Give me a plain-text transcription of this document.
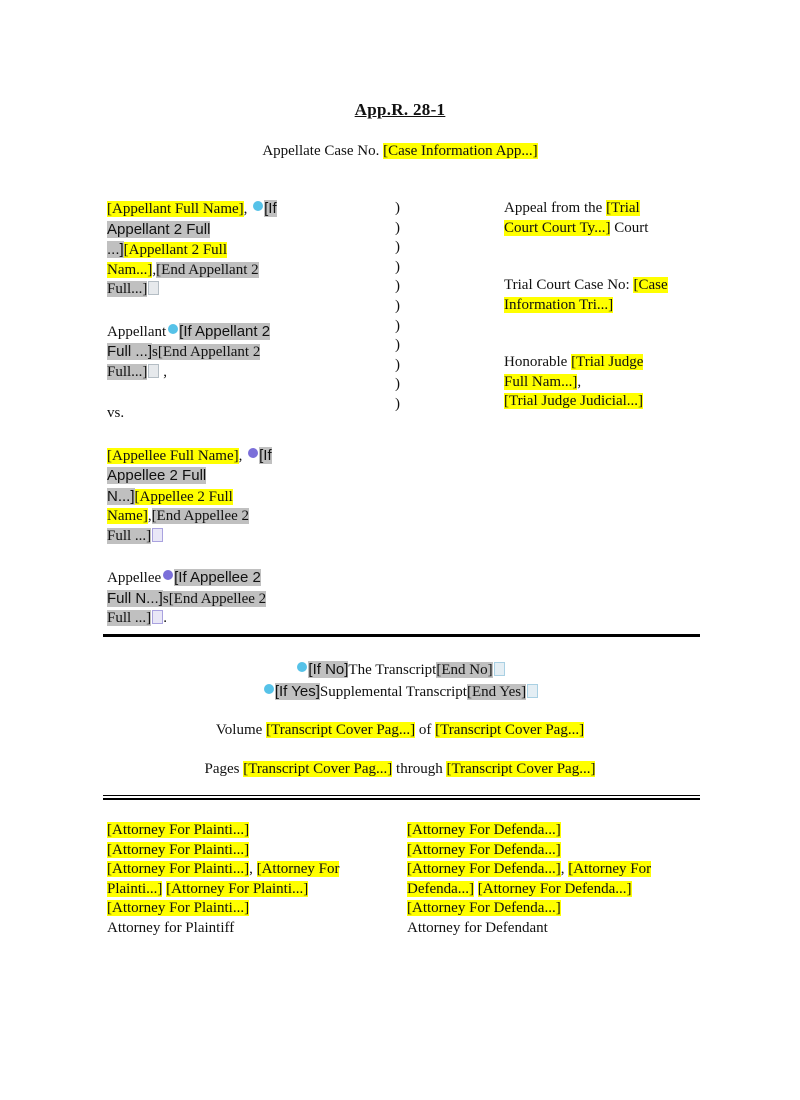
App.R. 28-1
Appellate Case No. [Case Information App...]
[Appellant Full Name], [If
Appellant 2 Full
...][Appellant 2 Full
Nam...],[End Appellant 2
Full...]
Appellant [If Appellant 2
Full ...]s[End Appellant 2
Full...] ,
vs.
[Appellee Full Name], [If
Appellee 2 Full
N...][Appellee 2 Full
Name],[End Appellee 2
Full ...]
Appellee [If Appellee 2
Full N...]s[End Appellee 2
Full ...] .
)
)
)
)
)
)
)
)
)
)
)
Appeal from the [Trial
Court Court Ty...] Court
Trial Court Case No: [Case
Information Tri...]
Honorable [Trial Judge
Full Nam...],
[Trial Judge Judicial...]
[If No]The Transcript[End No]
[If Yes]Supplemental Transcript[End Yes]
Volume [Transcript Cover Pag...] of [Transcript Cover Pag...]
Pages [Transcript Cover Pag...] through [Transcript Cover Pag...]
[Attorney For Plainti...]
[Attorney For Plainti...]
[Attorney For Plainti...], [Attorney For
Plainti...] [Attorney For Plainti...]
[Attorney For Plainti...]
Attorney for Plaintiff
[Attorney For Defenda...]
[Attorney For Defenda...]
[Attorney For Defenda...], [Attorney For
Defenda...] [Attorney For Defenda...]
[Attorney For Defenda...]
Attorney for Defendant
